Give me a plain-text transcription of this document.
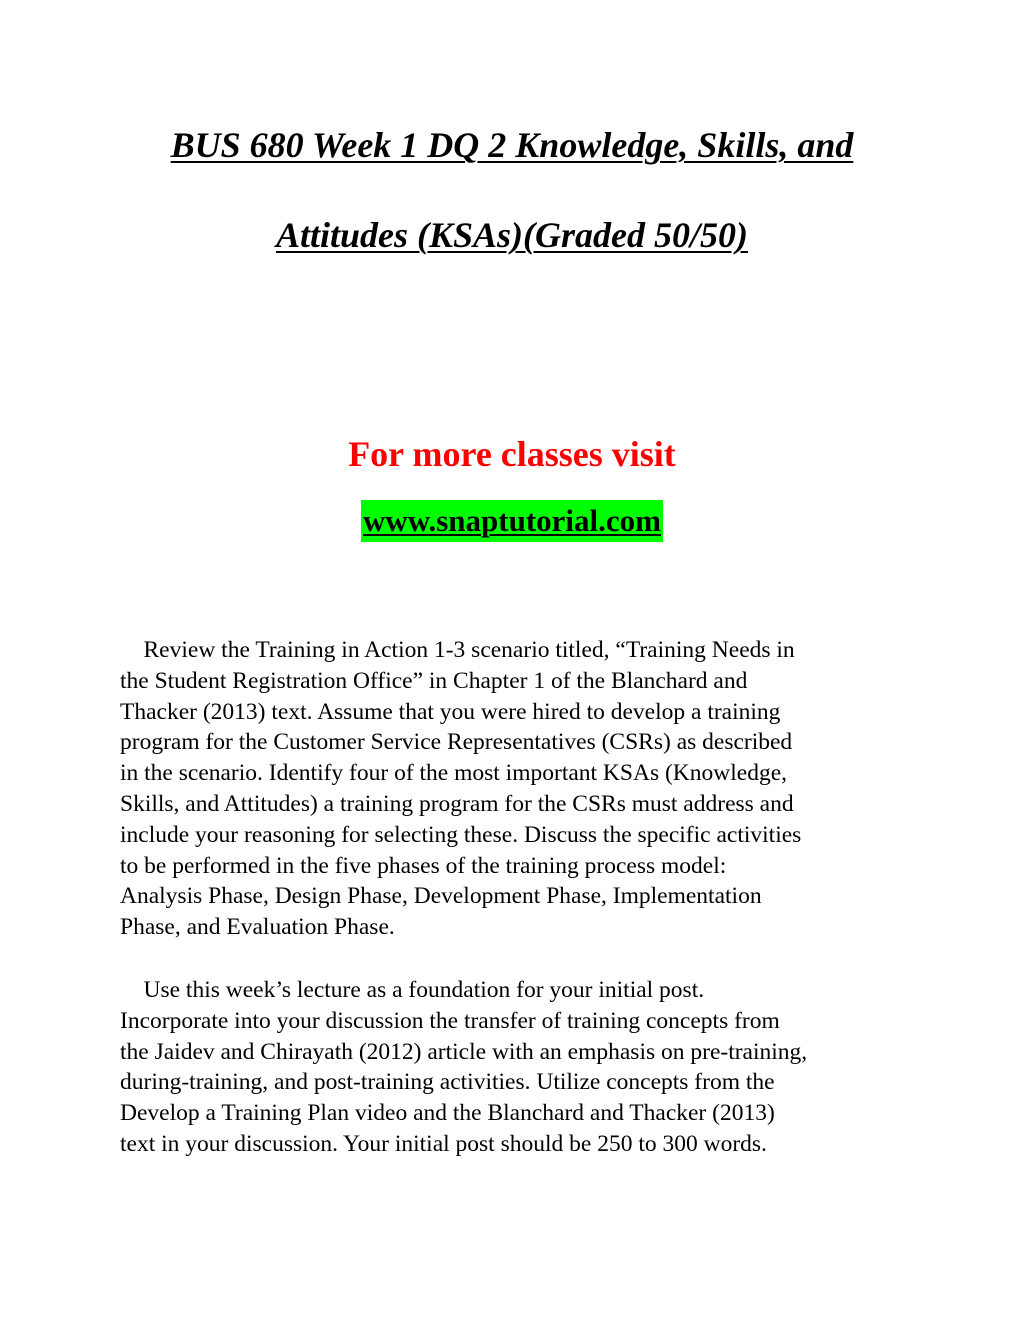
BUS 680 Week 1 DQ 2 Knowledge, Skills, and
Attitudes (KSAs)(Graded 50/50)
For more classes visit
www.snaptutorial.com
Review the Training in Action 1-3 scenario titled, “Training Needs in
the Student Registration Office” in Chapter 1 of the Blanchard and
Thacker (2013) text. Assume that you were hired to develop a training
program for the Customer Service Representatives (CSRs) as described
in the scenario. Identify four of the most important KSAs (Knowledge,
Skills, and Attitudes) a training program for the CSRs must address and
include your reasoning for selecting these. Discuss the specific activities
to be performed in the five phases of the training process model:
Analysis Phase, Design Phase, Development Phase, Implementation
Phase, and Evaluation Phase.
Use this week’s lecture as a foundation for your initial post.
Incorporate into your discussion the transfer of training concepts from
the Jaidev and Chirayath (2012) article with an emphasis on pre-training,
during-training, and post-training activities. Utilize concepts from the
Develop a Training Plan video and the Blanchard and Thacker (2013)
text in your discussion. Your initial post should be 250 to 300 words.
